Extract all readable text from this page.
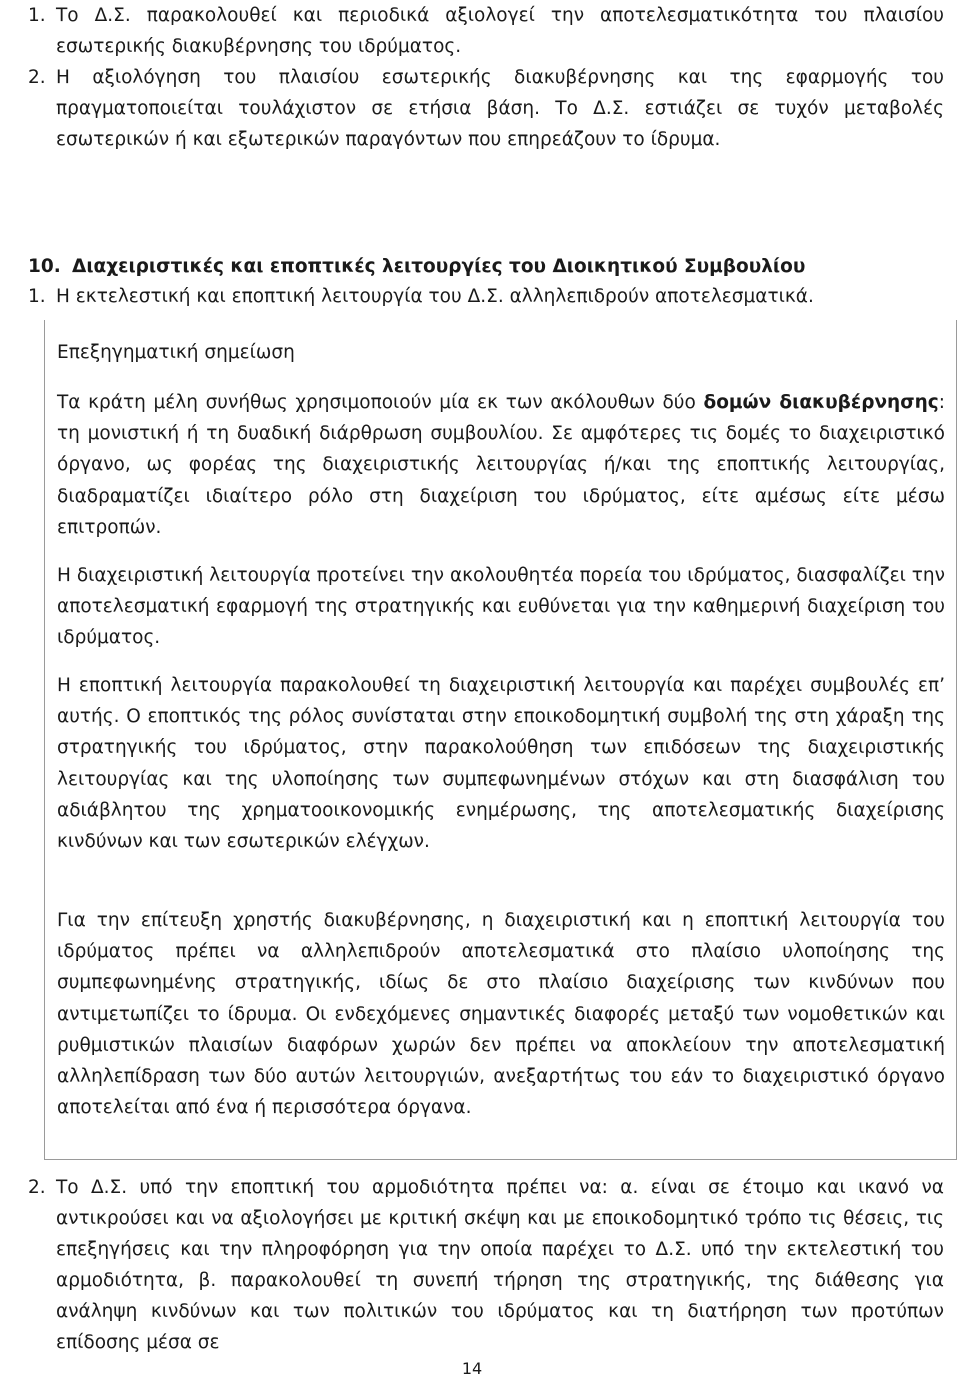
1. Το Δ.Σ. παρακολουθεί και περιοδικά αξιολογεί την αποτελεσματικότητα του πλαισίου εσωτερικής διακυβέρνησης του ιδρύματος.
2. Η αξιολόγηση του πλαισίου εσωτερικής διακυβέρνησης και της εφαρμογής του πραγματοποιείται τουλάχιστον σε ετήσια βάση. Το Δ.Σ. εστιάζει σε τυχόν μεταβολές εσωτερικών ή και εξωτερικών παραγόντων που επηρεάζουν το ίδρυμα.
10. Διαχειριστικές και εποπτικές λειτουργίες του Διοικητικού Συμβουλίου
1. Η εκτελεστική και εποπτική λειτουργία του Δ.Σ. αλληλεπιδρούν αποτελεσματικά.
Επεξηγηματική σημείωση
Τα κράτη μέλη συνήθως χρησιμοποιούν μία εκ των ακόλουθων δύο δομών διακυβέρνησης: τη μονιστική ή τη δυαδική διάρθρωση συμβουλίου. Σε αμφότερες τις δομές το διαχειριστικό όργανο, ως φορέας της διαχειριστικής λειτουργίας ή/και της εποπτικής λειτουργίας, διαδραματίζει ιδιαίτερο ρόλο στη διαχείριση του ιδρύματος, είτε αμέσως είτε μέσω επιτροπών.
Η διαχειριστική λειτουργία προτείνει την ακολουθητέα πορεία του ιδρύματος, διασφαλίζει την αποτελεσματική εφαρμογή της στρατηγικής και ευθύνεται για την καθημερινή διαχείριση του ιδρύματος.
Η εποπτική λειτουργία παρακολουθεί τη διαχειριστική λειτουργία και παρέχει συμβουλές επ’ αυτής. Ο εποπτικός της ρόλος συνίσταται στην εποικοδομητική συμβολή της στη χάραξη της στρατηγικής του ιδρύματος, στην παρακολούθηση των επιδόσεων της διαχειριστικής λειτουργίας και της υλοποίησης των συμπεφωνημένων στόχων και στη διασφάλιση του αδιάβλητου της χρηματοοικονομικής ενημέρωσης, της αποτελεσματικής διαχείρισης κινδύνων και των εσωτερικών ελέγχων.
Για την επίτευξη χρηστής διακυβέρνησης, η διαχειριστική και η εποπτική λειτουργία του ιδρύματος πρέπει να αλληλεπιδρούν αποτελεσματικά στο πλαίσιο υλοποίησης της συμπεφωνημένης στρατηγικής, ιδίως δε στο πλαίσιο διαχείρισης των κινδύνων που αντιμετωπίζει το ίδρυμα. Οι ενδεχόμενες σημαντικές διαφορές μεταξύ των νομοθετικών και ρυθμιστικών πλαισίων διαφόρων χωρών δεν πρέπει να αποκλείουν την αποτελεσματική αλληλεπίδραση των δύο αυτών λειτουργιών, ανεξαρτήτως του εάν το διαχειριστικό όργανο αποτελείται από ένα ή περισσότερα όργανα.
2. Το Δ.Σ. υπό την εποπτική του αρμοδιότητα πρέπει να: α. είναι σε έτοιμο και ικανό να αντικρούσει και να αξιολογήσει με κριτική σκέψη και με εποικοδομητικό τρόπο τις θέσεις, τις επεξηγήσεις και την πληροφόρηση για την οποία παρέχει το Δ.Σ. υπό την εκτελεστική του αρμοδιότητα, β. παρακολουθεί τη συνεπή τήρηση της στρατηγικής, της διάθεσης για ανάληψη κινδύνων και των πολιτικών του ιδρύματος και τη διατήρηση των προτύπων επίδοσης μέσα σε
14
